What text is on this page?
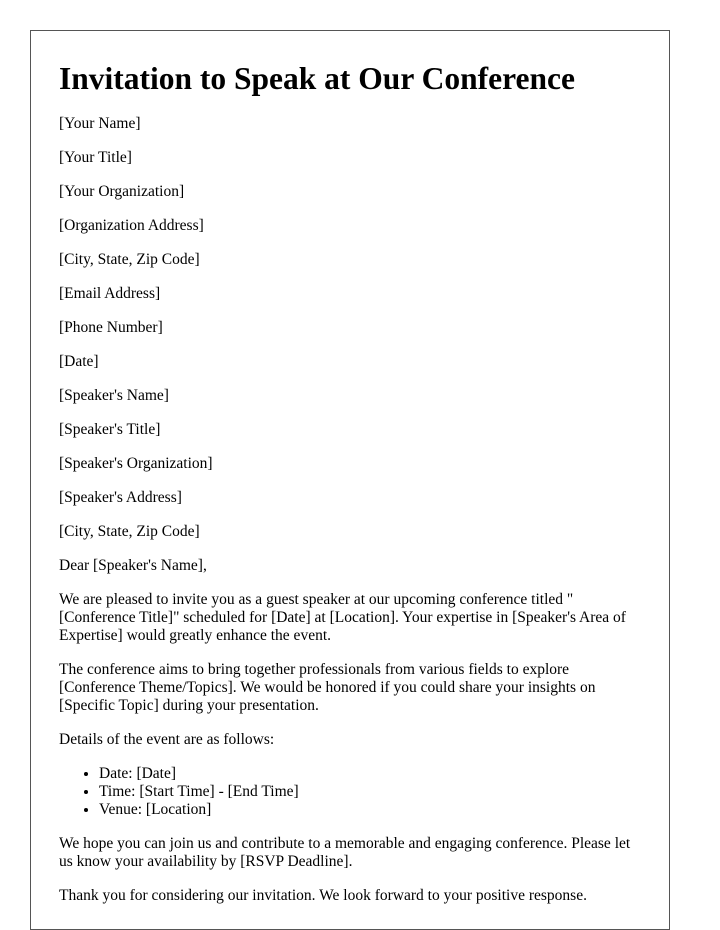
Invitation to Speak at Our Conference

[Your Name]

[Your Title]

[Your Organization]

[Organization Address]

[City, State, Zip Code]

[Email Address]

[Phone Number]

[Date]

[Speaker's Name]

[Speaker's Title]

[Speaker's Organization]

[Speaker's Address]

[City, State, Zip Code]

Dear [Speaker's Name],

We are pleased to invite you as a guest speaker at our upcoming conference titled "[Conference Title]" scheduled for [Date] at [Location]. Your expertise in [Speaker's Area of Expertise] would greatly enhance the event.

The conference aims to bring together professionals from various fields to explore [Conference Theme/Topics]. We would be honored if you could share your insights on [Specific Topic] during your presentation.

Details of the event are as follows:

• Date: [Date]
• Time: [Start Time] - [End Time]
• Venue: [Location]

We hope you can join us and contribute to a memorable and engaging conference. Please let us know your availability by [RSVP Deadline].

Thank you for considering our invitation. We look forward to your positive response.
